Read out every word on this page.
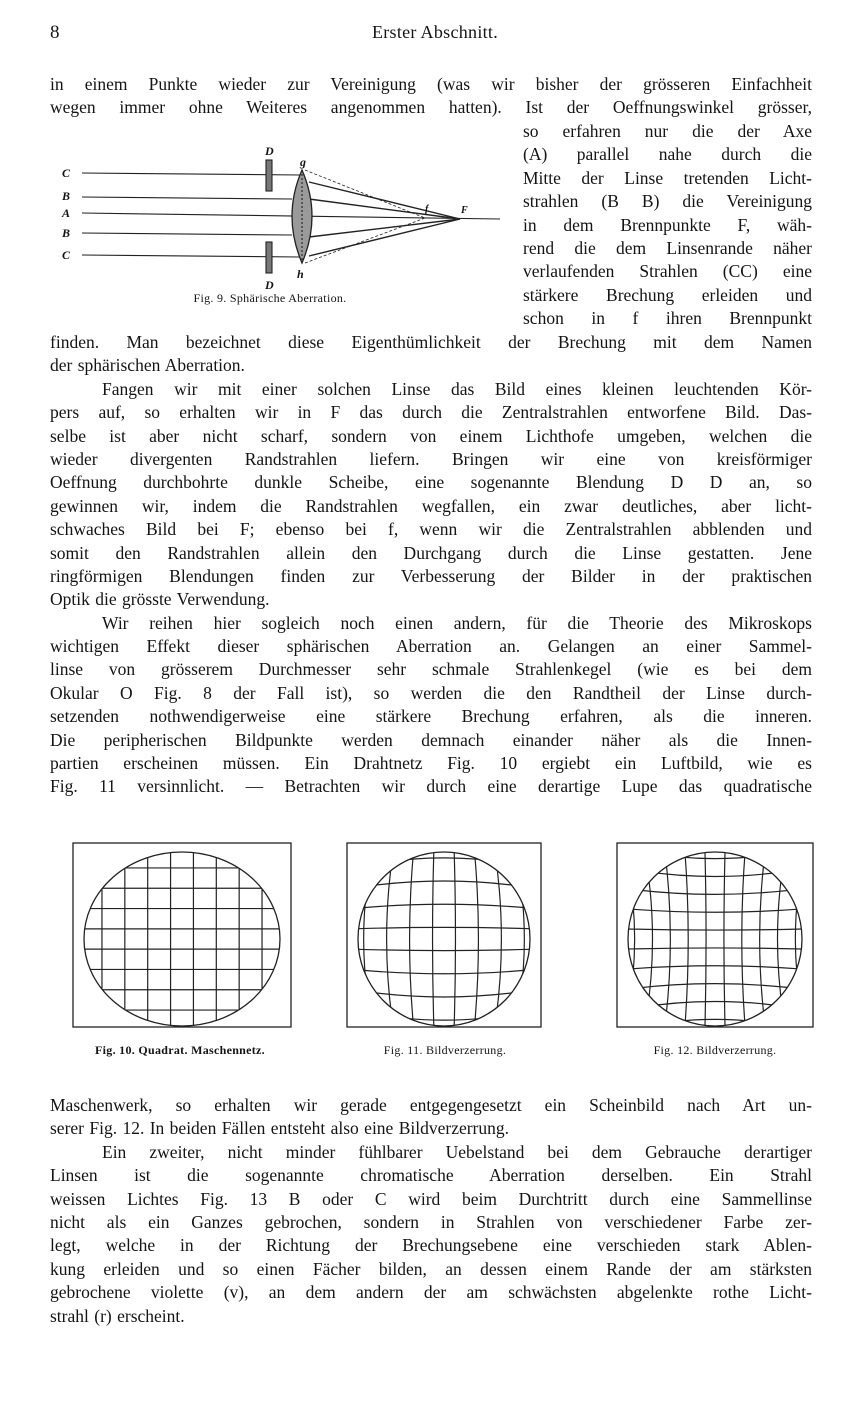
8	Erster Abschnitt.
in einem Punkte wieder zur Vereinigung (was wir bisher der grösseren Einfachheit
wegen immer ohne Weiteres angenommen hatten). Ist der Oeffnungswinkel grösser,
so erfahren nur die der Axe
(A) parallel nahe durch die
Mitte der Linse tretenden Licht-
strahlen (B B) die Vereinigung
in dem Brennpunkte F, wäh-
rend die dem Linsenrande näher
verlaufenden Strahlen (CC) eine
stärkere Brechung erleiden und
schon in f ihren Brennpunkt
finden. Man bezeichnet diese Eigenthümlichkeit der Brechung mit dem Namen
der sphärischen Aberration.
Fangen wir mit einer solchen Linse das Bild eines kleinen leuchtenden Kör-
pers auf, so erhalten wir in F das durch die Zentralstrahlen entworfene Bild. Das-
selbe ist aber nicht scharf, sondern von einem Lichthofe umgeben, welchen die
wieder divergenten Randstrahlen liefern. Bringen wir eine von kreisförmiger
Oeffnung durchbohrte dunkle Scheibe, eine sogenannte Blendung D D an, so
gewinnen wir, indem die Randstrahlen wegfallen, ein zwar deutliches, aber licht-
schwaches Bild bei F; ebenso bei f, wenn wir die Zentralstrahlen abblenden und
somit den Randstrahlen allein den Durchgang durch die Linse gestatten. Jene
ringförmigen Blendungen finden zur Verbesserung der Bilder in der praktischen
Optik die grösste Verwendung.
Wir reihen hier sogleich noch einen andern, für die Theorie des Mikroskops
wichtigen Effekt dieser sphärischen Aberration an. Gelangen an einer Sammel-
linse von grösserem Durchmesser sehr schmale Strahlenkegel (wie es bei dem
Okular O Fig. 8 der Fall ist), so werden die den Randtheil der Linse durch-
setzenden nothwendigerweise eine stärkere Brechung erfahren, als die inneren.
Die peripherischen Bildpunkte werden demnach einander näher als die Innen-
partien erscheinen müssen. Ein Drahtnetz Fig. 10 ergiebt ein Luftbild, wie es
Fig. 11 versinnlicht. — Betrachten wir durch eine derartige Lupe das quadratische
Maschenwerk, so erhalten wir gerade entgegengesetzt ein Scheinbild nach Art un-
serer Fig. 12. In beiden Fällen entsteht also eine Bildverzerrung.
Ein zweiter, nicht minder fühlbarer Uebelstand bei dem Gebrauche derartiger
Linsen ist die sogenannte chromatische Aberration derselben. Ein Strahl
weissen Lichtes Fig. 13 B oder C wird beim Durchtritt durch eine Sammellinse
nicht als ein Ganzes gebrochen, sondern in Strahlen von verschiedener Farbe zer-
legt, welche in der Richtung der Brechungsebene eine verschieden stark Ablen-
kung erleiden und so einen Fächer bilden, an dessen einem Rande der am stärksten
gebrochene violette (v), an dem andern der am schwächsten abgelenkte rothe Licht-
strahl (r) erscheint.
C
B
A
B
C
D
D
g
h
f	F
Fig. 9. Sphärische Aberration.
Fig. 10. Quadrat. Maschennetz.	Fig. 11. Bildverzerrung.	Fig. 12. Bildverzerrung.
